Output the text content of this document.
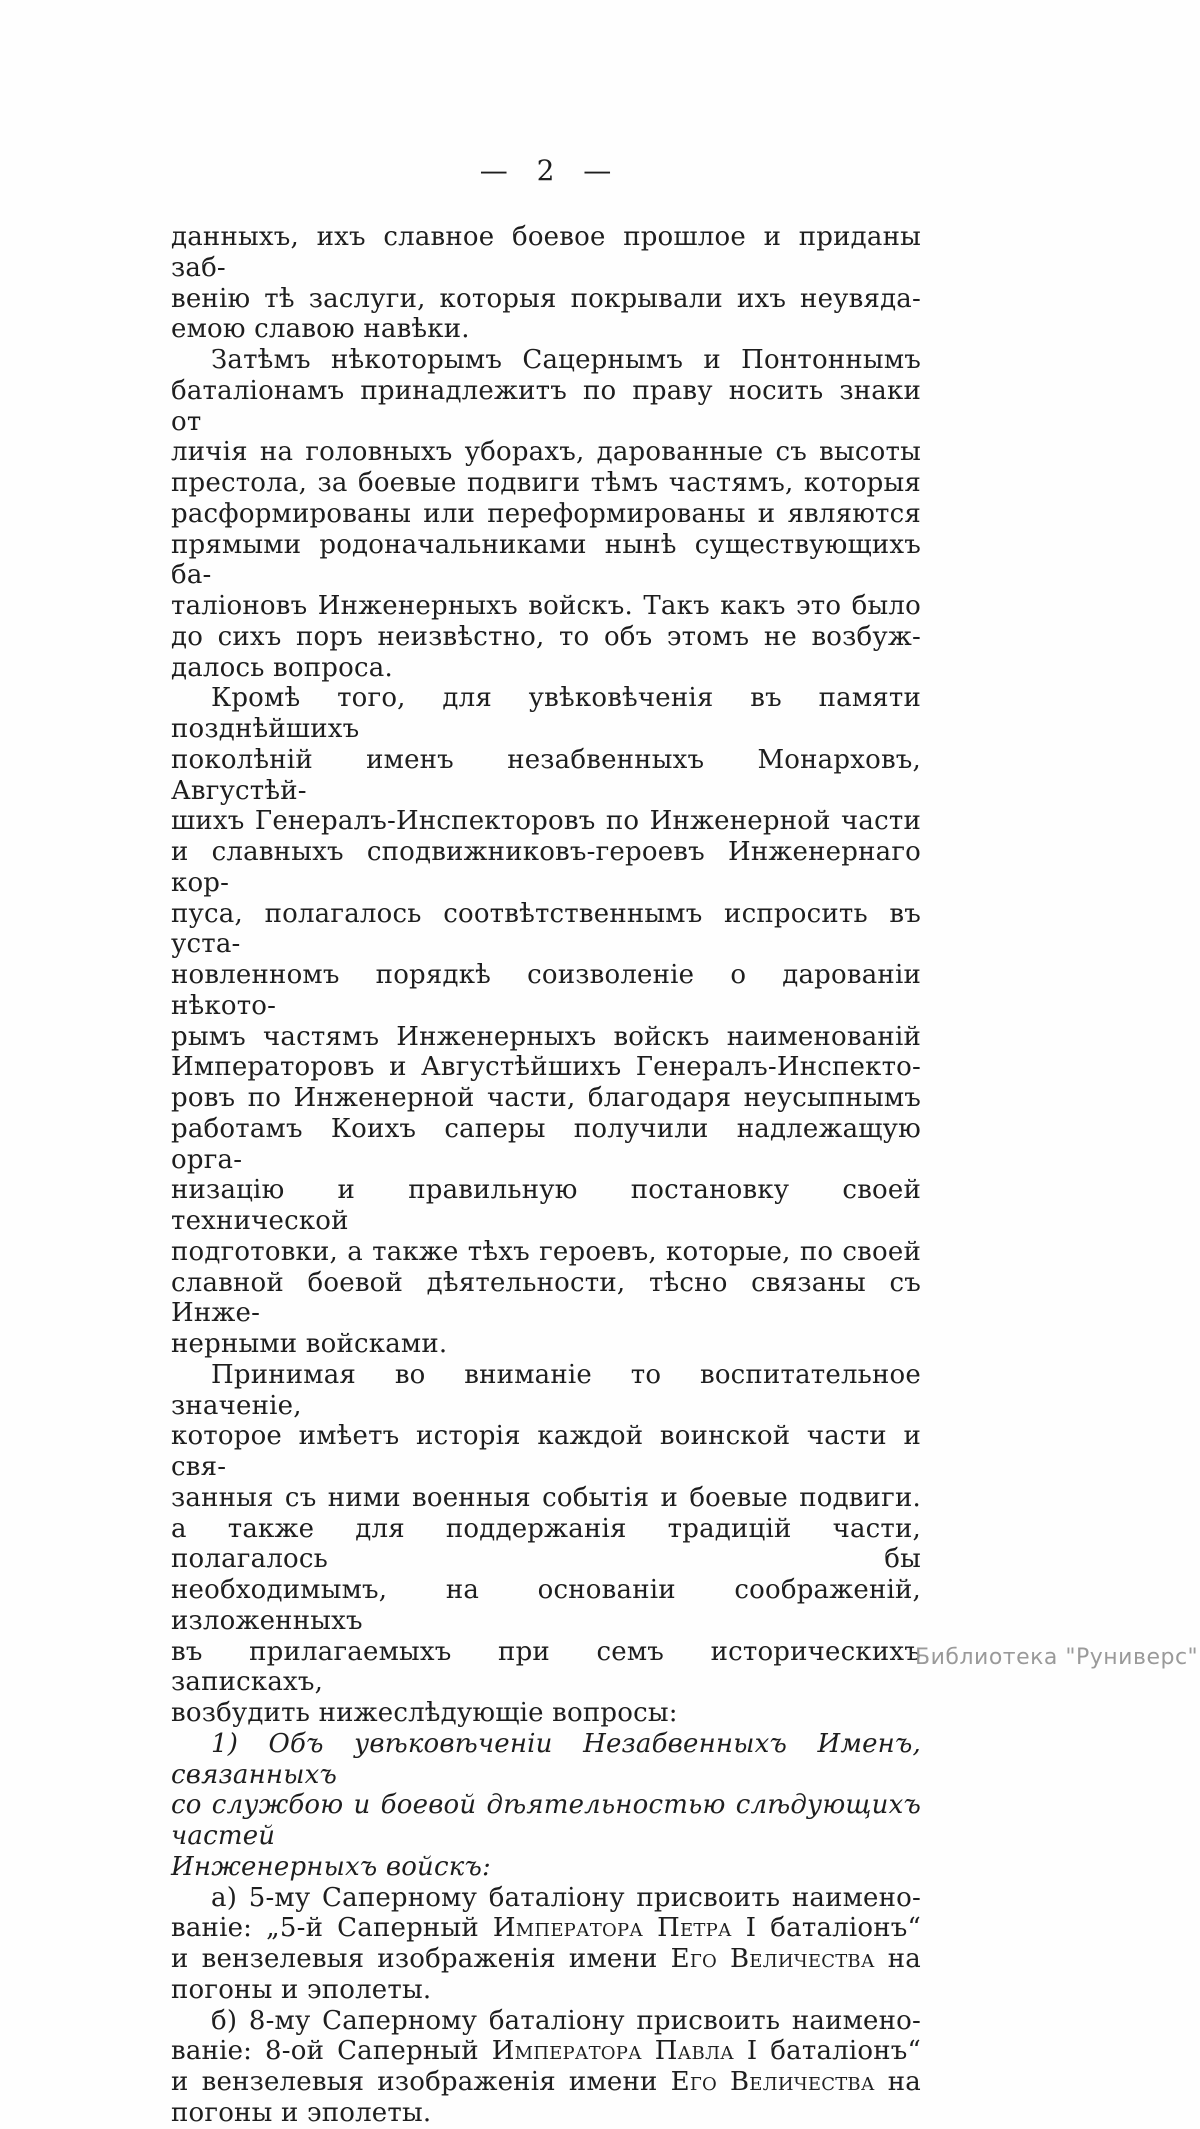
— 2 —

данныхъ, ихъ славное боевое прошлое и приданы заб-
венію тѣ заслуги, которыя покрывали ихъ неувяда-
емою славою навѣки.

Затѣмъ нѣкоторымъ Сацернымъ и Понтоннымъ
баталіонамъ принадлежитъ по праву носить знаки от
личія на головныхъ уборахъ, дарованные съ высоты
престола, за боевые подвиги тѣмъ частямъ, которыя
расформированы или переформированы и являются
прямыми родоначальниками нынѣ существующихъ ба-
таліоновъ Инженерныхъ войскъ. Такъ какъ это было
до сихъ поръ неизвѣстно, то объ этомъ не возбуж-
далось вопроса.

Кромѣ того, для увѣковѣченія въ памяти позднѣйшихъ
поколѣній именъ незабвенныхъ Монарховъ, Августѣй-
шихъ Генералъ-Инспекторовъ по Инженерной части
и славныхъ сподвижниковъ-героевъ Инженернаго кор-
пуса, полагалось соотвѣтственнымъ испросить въ уста-
новленномъ порядкѣ соизволеніе о дарованіи нѣкото-
рымъ частямъ Инженерныхъ войскъ наименованій
Императоровъ и Августѣйшихъ Генералъ-Инспекто-
ровъ по Инженерной части, благодаря неусыпнымъ
работамъ Коихъ саперы получили надлежащую орга-
низацію и правильную постановку своей технической
подготовки, а также тѣхъ героевъ, которые, по своей
славной боевой дѣятельности, тѣсно связаны съ Инже-
нерными войсками.

Принимая во вниманіе то воспитательное значеніе,
которое имѣетъ исторія каждой воинской части и свя-
занныя съ ними военныя событія и боевые подвиги.
а также для поддержанія традицій части, полагалось бы
необходимымъ, на основаніи соображеній, изложенныхъ
въ прилагаемыхъ при семъ историческихъ запискахъ,
возбудить нижеслѣдующіе вопросы:

1) Объ увѣковѣченіи Незабвенныхъ Именъ, связанныхъ
со службою и боевой дѣятельностью слѣдующихъ частей
Инженерныхъ войскъ:

а) 5-му Саперному баталіону присвоить наимено-
ваніе: „5-й Саперный Императора Петра I баталіонъ“
и вензелевыя изображенія имени Его Величества на
погоны и эполеты.

б) 8-му Саперному баталіону присвоить наимено-
ваніе: 8-ой Саперный Императора Павла I баталіонъ“
и вензелевыя изображенія имени Его Величества на
погоны и эполеты.

Библиотека "Руниверс"
